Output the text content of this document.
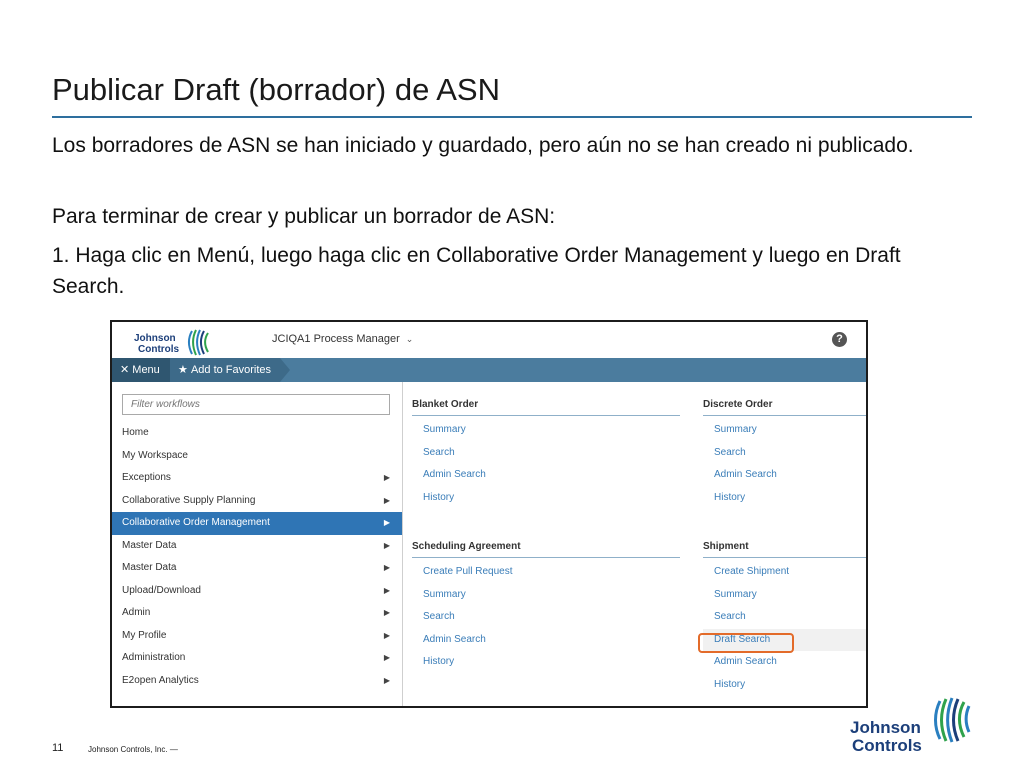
Publicar Draft (borrador) de ASN

Los borradores de ASN se han iniciado y guardado, pero aún no se han creado ni publicado.

Para terminar de crear y publicar un borrador de ASN:

1. Haga clic en Menú, luego haga clic en Collaborative Order Management y luego en Draft Search.

Johnson
Controls
JCIQA1 Process Manager ⌄	?
✕ Menu	★ Add to Favorites
Filter workflows
Home
My Workspace
Exceptions	▶
Collaborative Supply Planning	▶
Collaborative Order Management	▶
Master Data	▶
Master Data	▶
Upload/Download	▶
Admin	▶
My Profile	▶
Administration	▶
E2open Analytics	▶
Blanket Order
Summary
Search
Admin Search
History
Discrete Order
Summary
Search
Admin Search
History
Scheduling Agreement
Create Pull Request
Summary
Search
Admin Search
History
Shipment
Create Shipment
Summary
Search
Draft Search
Admin Search
History
11	Johnson Controls, Inc. —
Johnson
Controls
